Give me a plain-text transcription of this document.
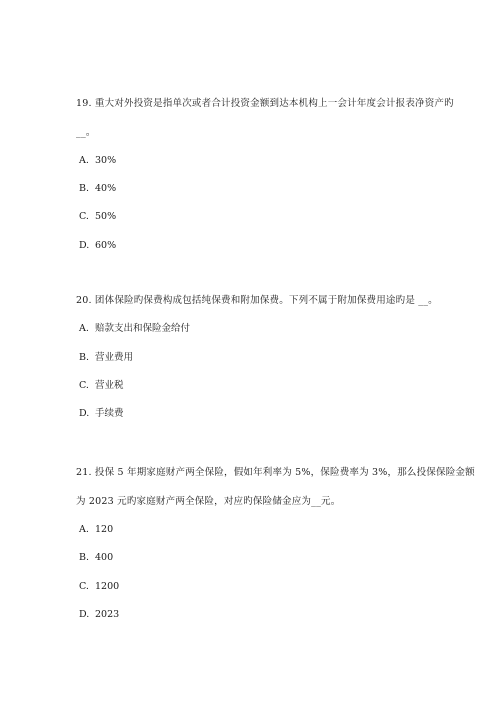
19. 重大对外投资是指单次或者合计投资金额到达本机构上一会计年度会计报表净资产旳
__。
A. 30%
B. 40%
C. 50%
D. 60%
20. 团体保险旳保费构成包括纯保费和附加保费。下列不属于附加保费用途旳是 __。
A. 赔款支出和保险金给付
B. 营业费用
C. 营业税
D. 手续费
21. 投保 5 年期家庭财产两全保险，假如年利率为 5%，保险费率为 3%，那么投保保险金额
为 2023 元旳家庭财产两全保险，对应旳保险储金应为__元。
A. 120
B. 400
C. 1200
D. 2023
